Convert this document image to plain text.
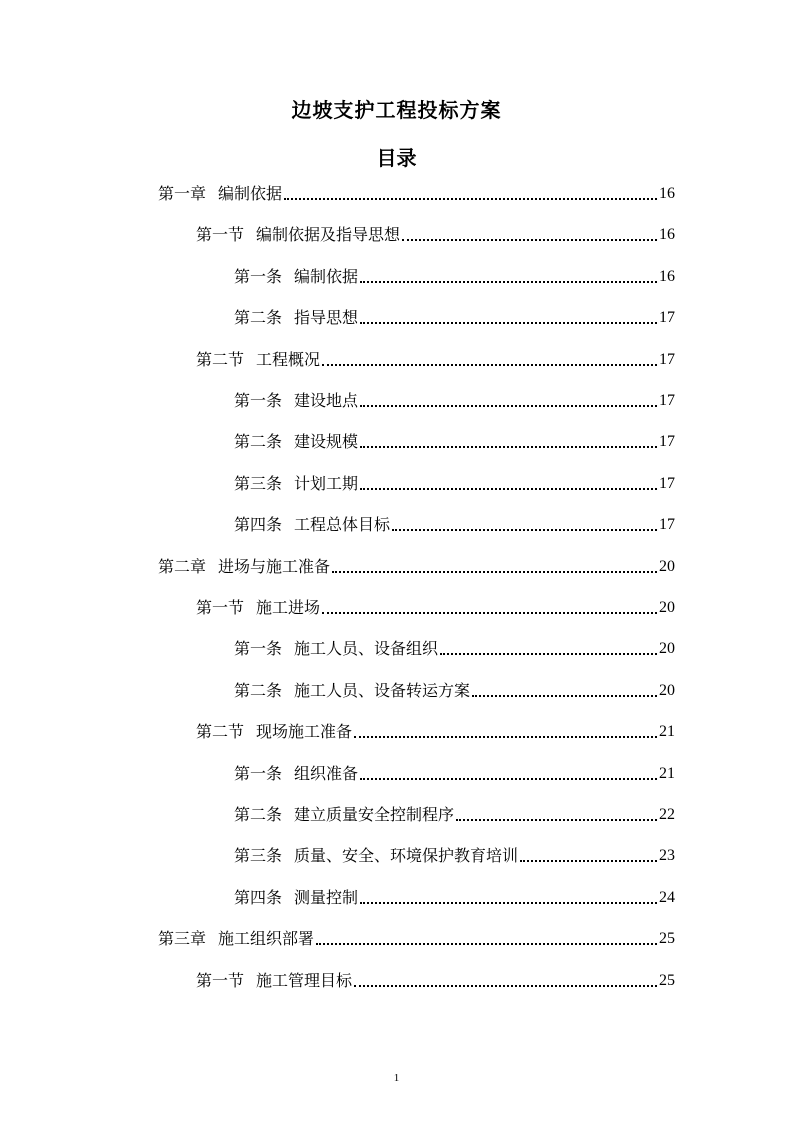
边坡支护工程投标方案
目录
第一章 编制依据	16
第一节 编制依据及指导思想	16
第一条 编制依据	16
第二条 指导思想	17
第二节 工程概况	17
第一条 建设地点	17
第二条 建设规模	17
第三条 计划工期	17
第四条 工程总体目标	17
第二章 进场与施工准备	20
第一节 施工进场	20
第一条 施工人员、设备组织	20
第二条 施工人员、设备转运方案	20
第二节 现场施工准备	21
第一条 组织准备	21
第二条 建立质量安全控制程序	22
第三条 质量、安全、环境保护教育培训	23
第四条 测量控制	24
第三章 施工组织部署	25
第一节 施工管理目标	25
1
